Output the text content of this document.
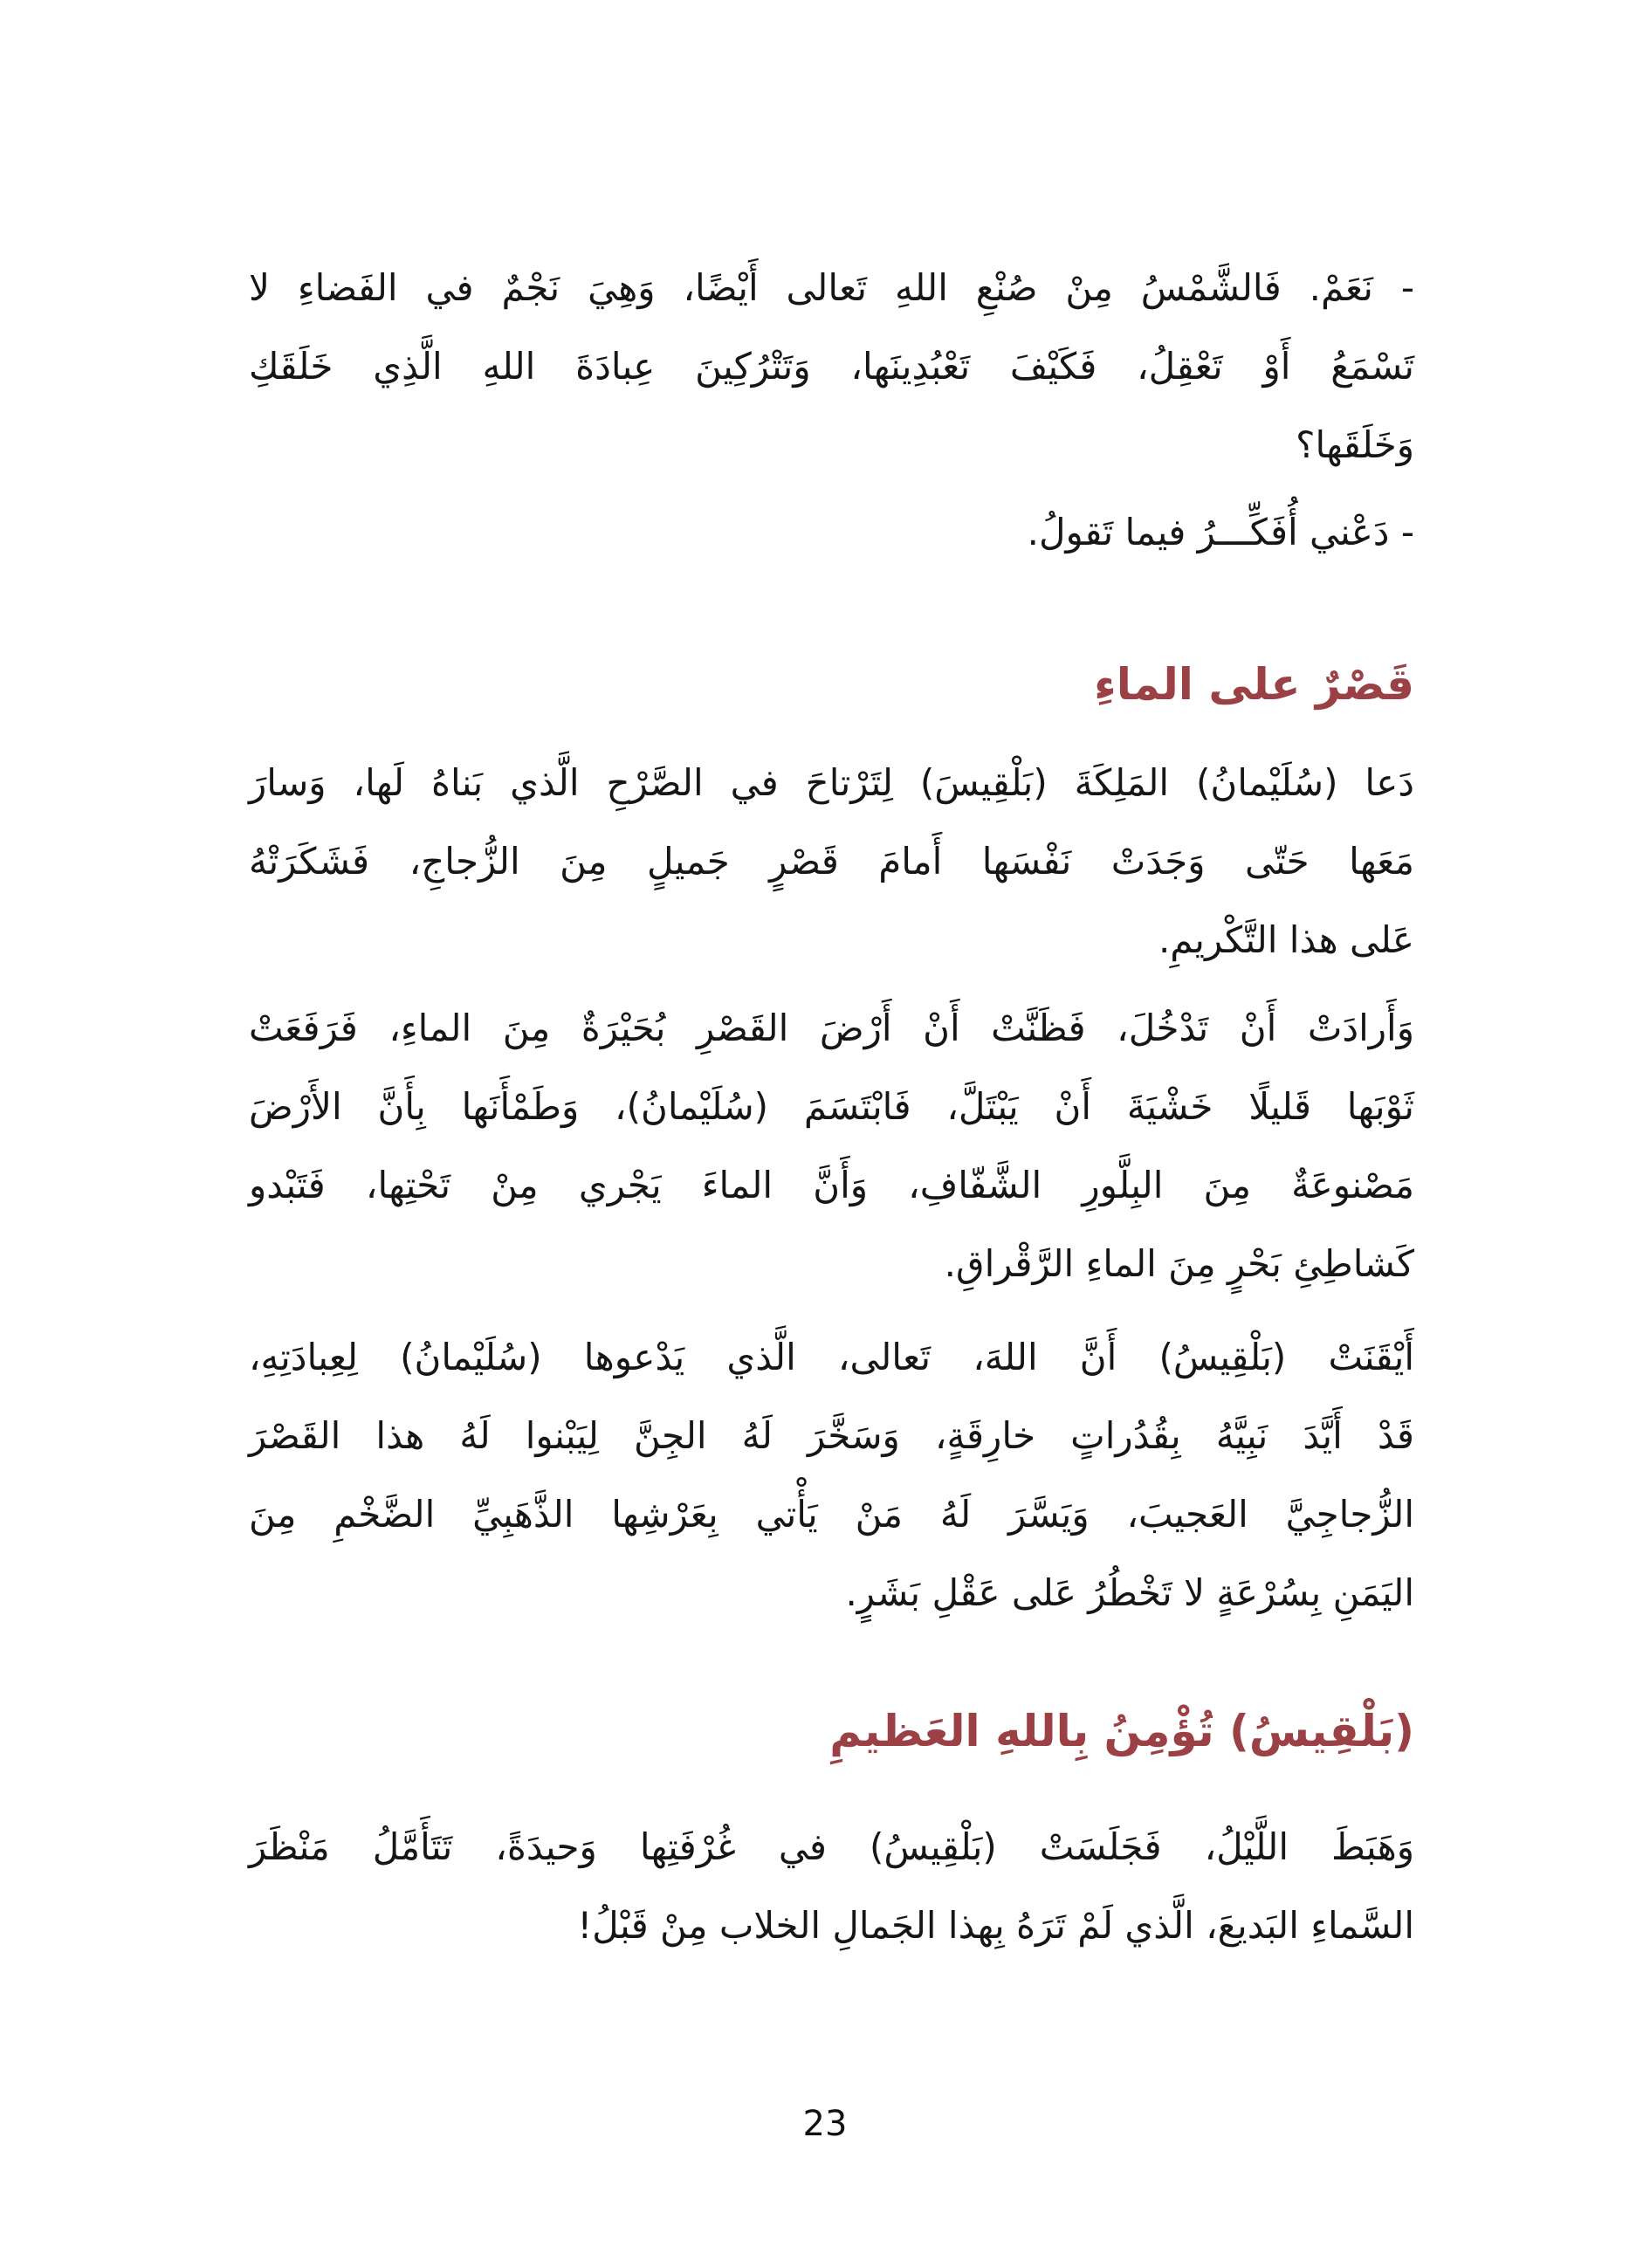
- نَعَمْ. فَالشَّمْسُ مِنْ صُنْعِ اللهِ تَعالى أَيْضًا، وَهِيَ نَجْمٌ في الفَضاءِ لا
تَسْمَعُ أَوْ تَعْقِلُ، فَكَيْفَ تَعْبُدِينَها، وَتَتْرُكِينَ عِبادَةَ اللهِ الَّذِي خَلَقَكِ
وَخَلَقَها؟
- دَعْني أُفَكِّـــرُ فيما تَقولُ.
قَصْرٌ على الماءِ
دَعا (سُلَيْمانُ) المَلِكَةَ (بَلْقِيسَ) لِتَرْتاحَ في الصَّرْحِ الَّذي بَناهُ لَها، وَسارَ
مَعَها حَتّى وَجَدَتْ نَفْسَها أَمامَ قَصْرٍ جَميلٍ مِنَ الزُّجاجِ، فَشَكَرَتْهُ
عَلى هذا التَّكْريمِ.
وَأَرادَتْ أَنْ تَدْخُلَ، فَظَنَّتْ أَنْ أَرْضَ القَصْرِ بُحَيْرَةٌ مِنَ الماءِ، فَرَفَعَتْ
ثَوْبَها قَليلًا خَشْيَةَ أَنْ يَبْتَلَّ، فَابْتَسَمَ (سُلَيْمانُ)، وَطَمْأَنَها بِأَنَّ الأَرْضَ
مَصْنوعَةٌ مِنَ البِلَّورِ الشَّفّافِ، وَأَنَّ الماءَ يَجْري مِنْ تَحْتِها، فَتَبْدو
كَشاطِئِ بَحْرٍ مِنَ الماءِ الرَّقْراقِ.
أَيْقَنَتْ (بَلْقِيسُ) أَنَّ اللهَ، تَعالى، الَّذي يَدْعوها (سُلَيْمانُ) لِعِبادَتِهِ،
قَدْ أَيَّدَ نَبِيَّهُ بِقُدُراتٍ خارِقَةٍ، وَسَخَّرَ لَهُ الجِنَّ لِيَبْنوا لَهُ هذا القَصْرَ
الزُّجاجِيَّ العَجيبَ، وَيَسَّرَ لَهُ مَنْ يَأْتي بِعَرْشِها الذَّهَبِيِّ الضَّخْمِ مِنَ
اليَمَنِ بِسُرْعَةٍ لا تَخْطُرُ عَلى عَقْلِ بَشَرٍ.
(بَلْقِيسُ) تُؤْمِنُ بِاللهِ العَظيمِ
وَهَبَطَ اللَّيْلُ، فَجَلَسَتْ (بَلْقِيسُ) في غُرْفَتِها وَحيدَةً، تَتَأَمَّلُ مَنْظَرَ
السَّماءِ البَديعَ، الَّذي لَمْ تَرَهُ بِهذا الجَمالِ الخلاب مِنْ قَبْلُ!
23
